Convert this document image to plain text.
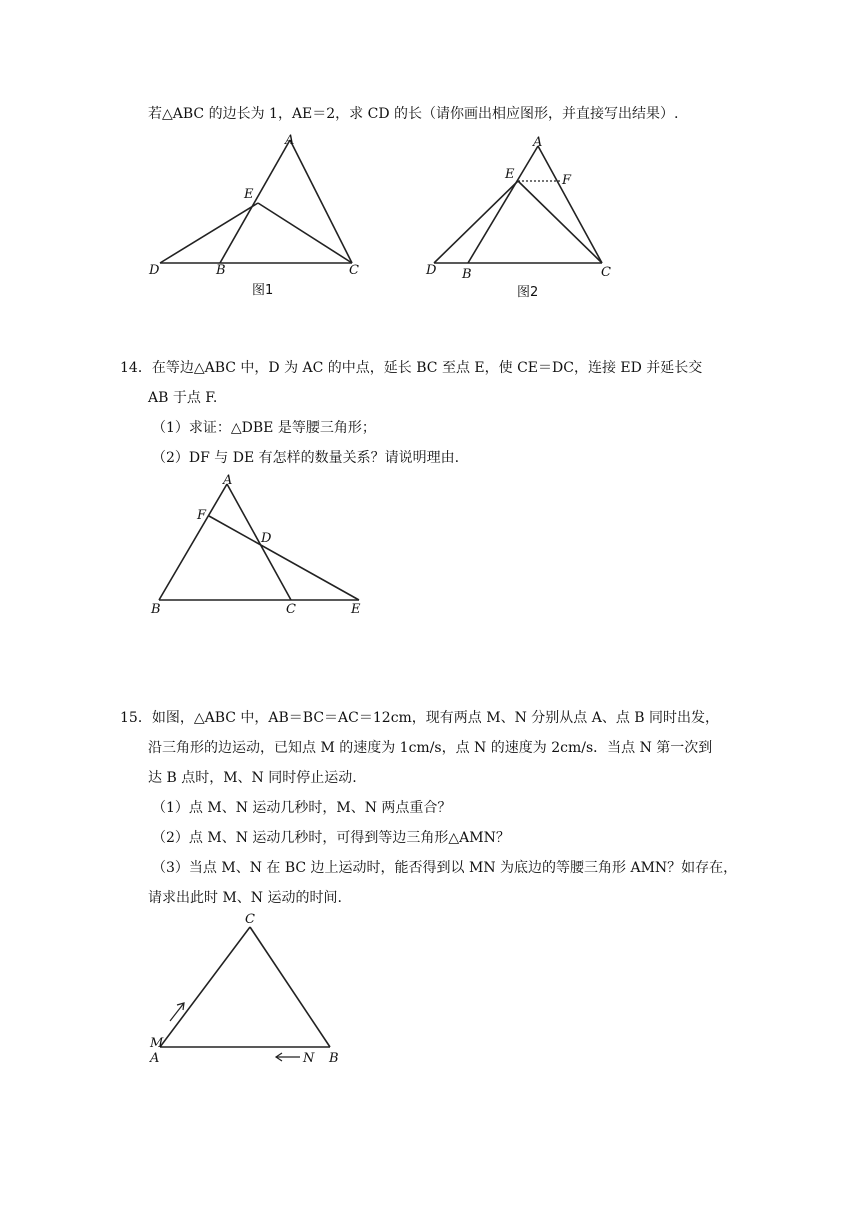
若△ABC 的边长为 1，AE＝2，求 CD 的长（请你画出相应图形，并直接写出结果）.
A
E
D	B	C
图1
A
E	F
D B	C
图2
14．在等边△ABC 中，D 为 AC 的中点，延长 BC 至点 E，使 CE＝DC，连接 ED 并延长交
AB 于点 F.
（1）求证：△DBE 是等腰三角形；
（2）DF 与 DE 有怎样的数量关系？请说明理由.
A
F
D
B	C	E
15．如图，△ABC 中，AB＝BC＝AC＝12cm，现有两点 M、N 分别从点 A、点 B 同时出发，
沿三角形的边运动，已知点 M 的速度为 1cm/s，点 N 的速度为 2cm/s．当点 N 第一次到
达 B 点时，M、N 同时停止运动.
（1）点 M、N 运动几秒时，M、N 两点重合？
（2）点 M、N 运动几秒时，可得到等边三角形△AMN？
（3）当点 M、N 在 BC 边上运动时，能否得到以 MN 为底边的等腰三角形 AMN？如存在，
请求出此时 M、N 运动的时间.
C
M
A	N B
